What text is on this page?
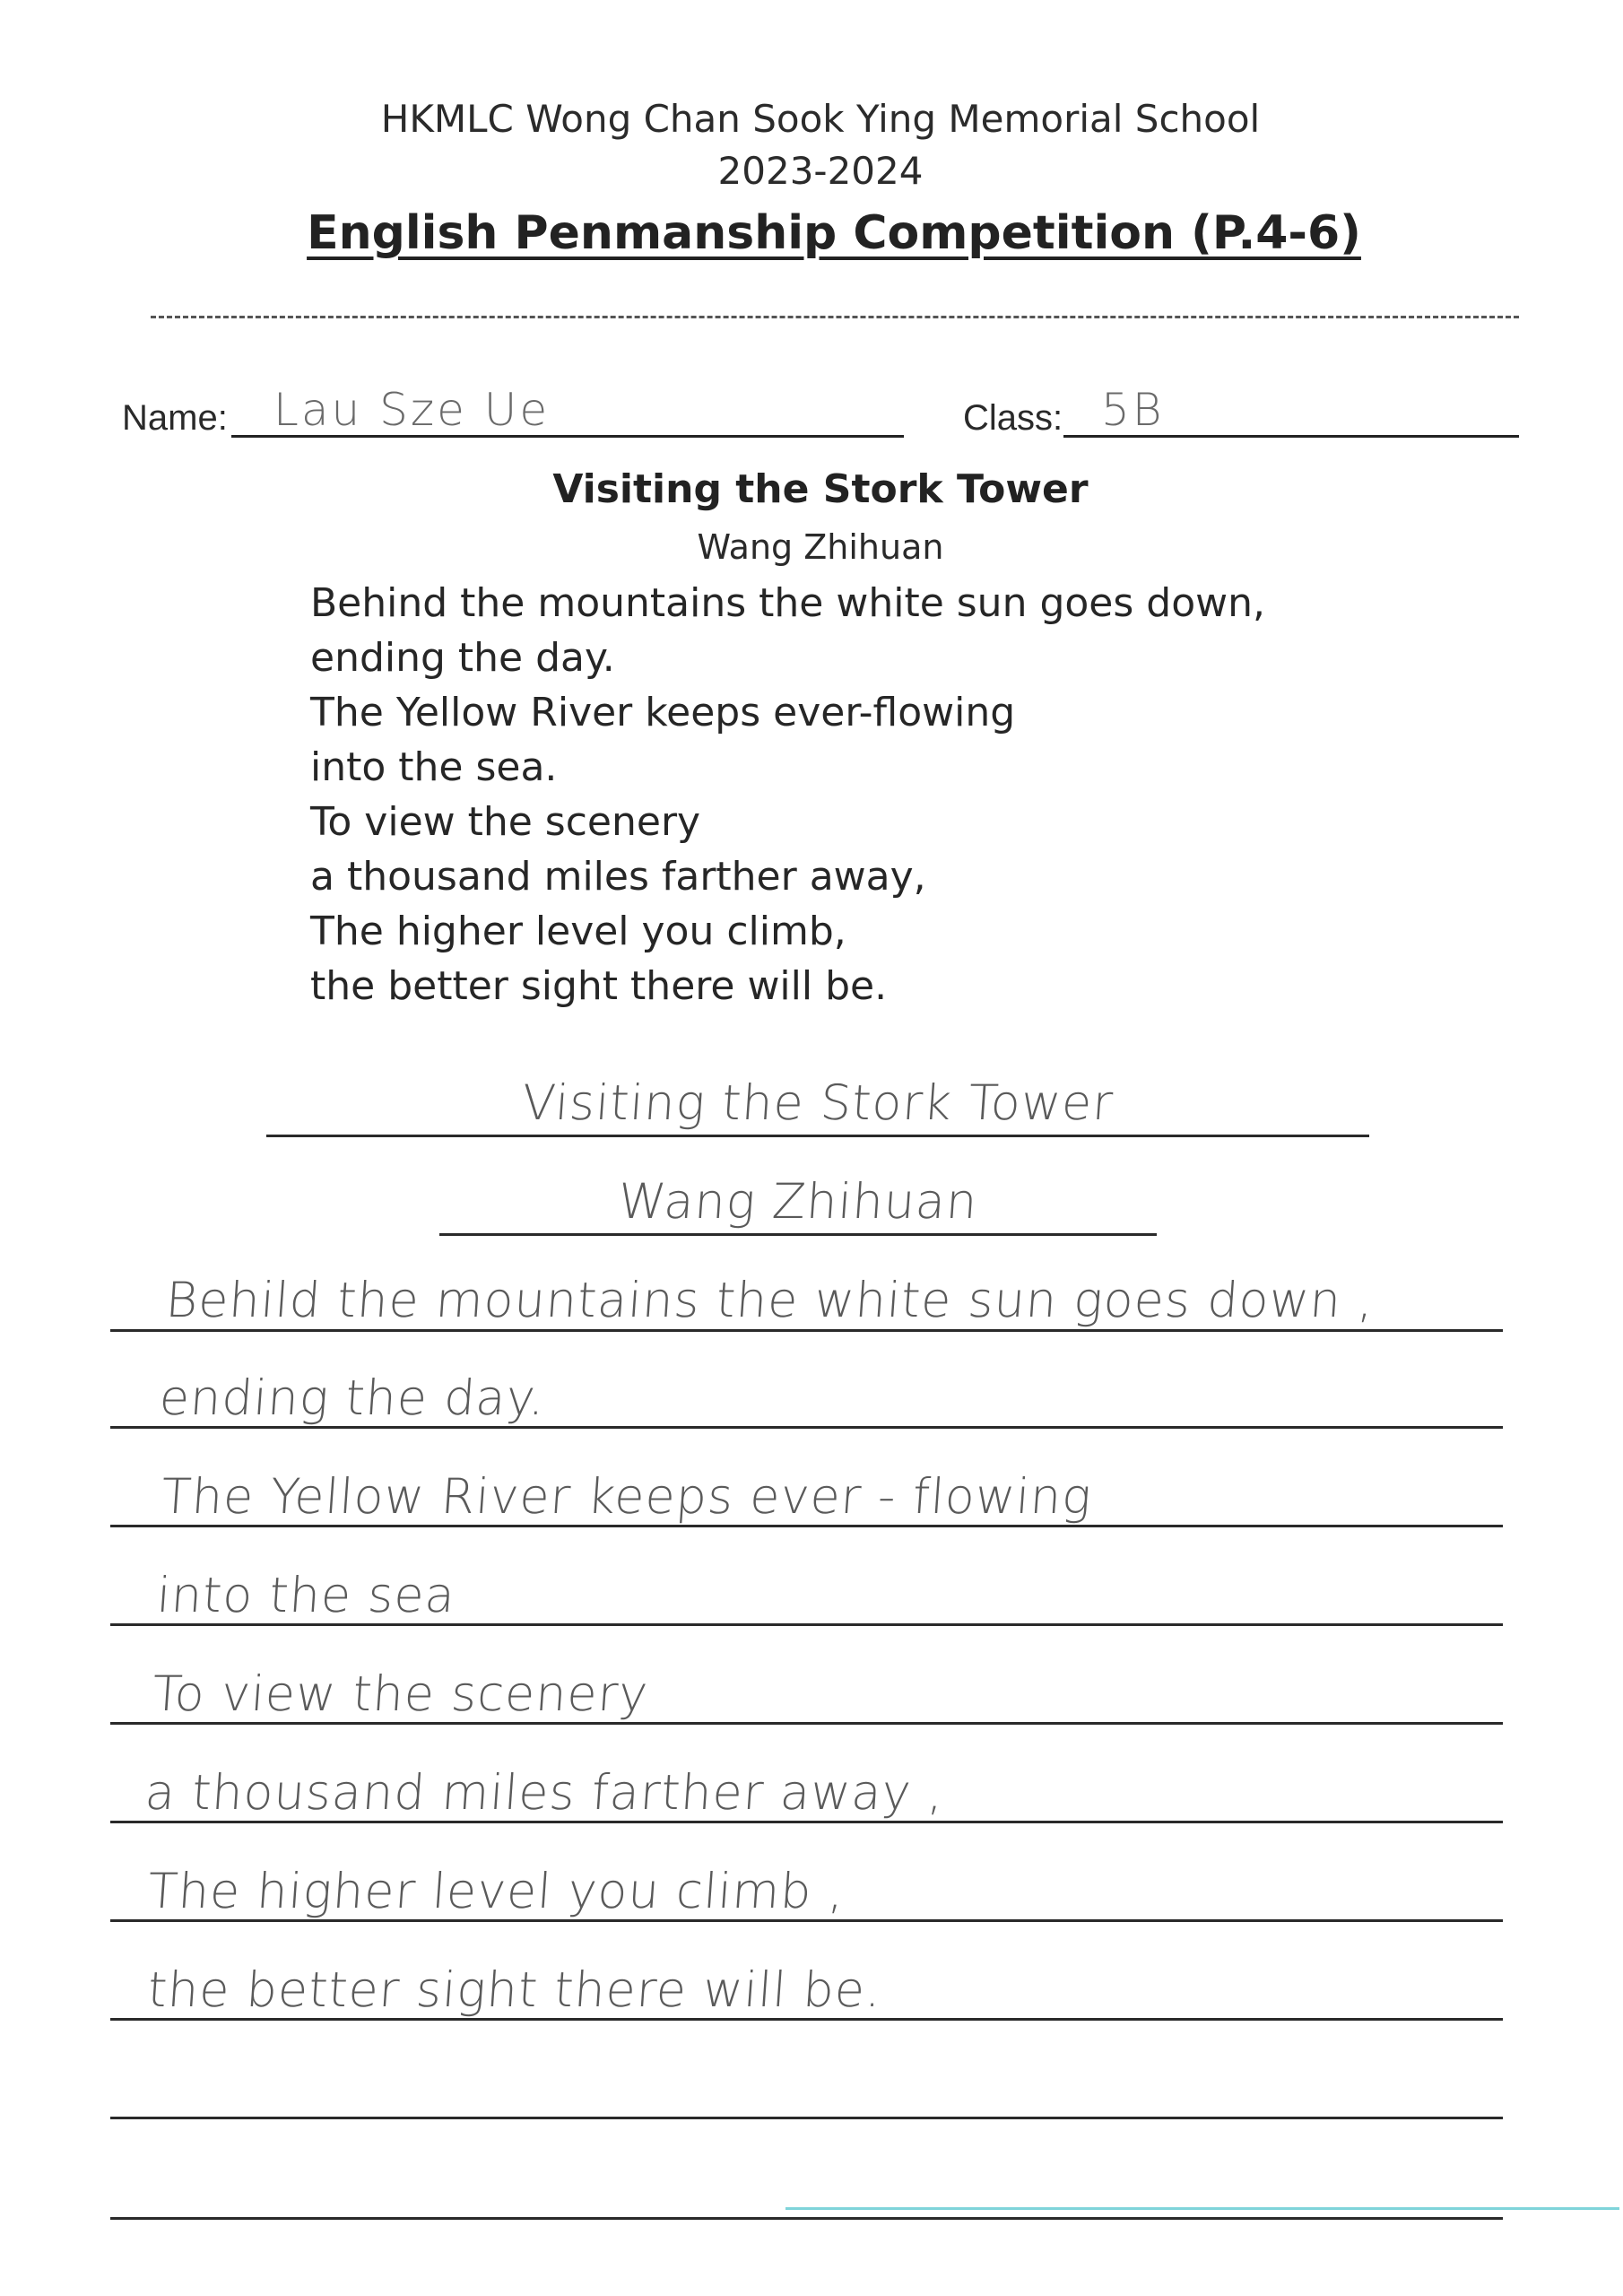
HKMLC Wong Chan Sook Ying Memorial School
2023-2024
English Penmanship Competition (P.4-6)
Name: Lau Sze Ue	Class: 5B
Visiting the Stork Tower
Wang Zhihuan
Behind the mountains the white sun goes down,
ending the day.
The Yellow River keeps ever-flowing
into the sea.
To view the scenery
a thousand miles farther away,
The higher level you climb,
the better sight there will be.
Visiting the Stork Tower
Wang Zhihuan
Behild the mountains the white sun goes down ,
ending the day.
The Yellow River keeps ever - flowing
into the sea
To view the scenery
a thousand miles farther away ,
The higher level you climb ,
the better sight there will be.
